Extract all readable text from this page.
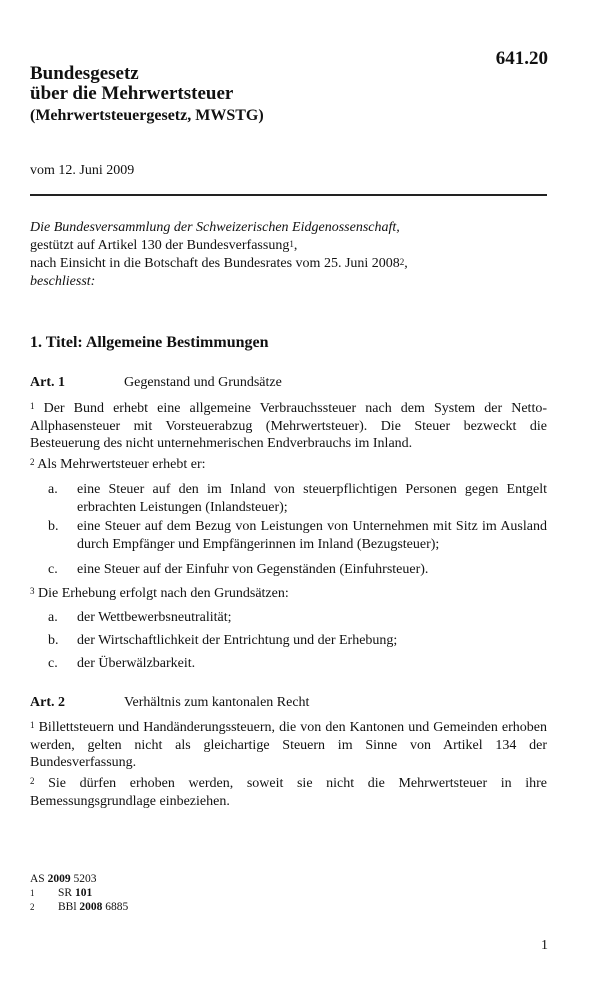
641.20
Bundesgesetz
über die Mehrwertsteuer
(Mehrwertsteuergesetz, MWSTG)
vom 12. Juni 2009
Die Bundesversammlung der Schweizerischen Eidgenossenschaft,
gestützt auf Artikel 130 der Bundesverfassung$^1$,
nach Einsicht in die Botschaft des Bundesrates vom 25. Juni 2008$^2$,
beschliesst:
1. Titel: Allgemeine Bestimmungen
Art. 1	Gegenstand und Grundsätze
$^1$ Der Bund erhebt eine allgemeine Verbrauchssteuer nach dem System der Netto-Allphasensteuer mit Vorsteuerabzug (Mehrwertsteuer). Die Steuer bezweckt die Besteuerung des nicht unternehmerischen Endverbrauchs im Inland.
$^2$ Als Mehrwertsteuer erhebt er:
a. eine Steuer auf den im Inland von steuerpflichtigen Personen gegen Entgelt erbrachten Leistungen (Inlandsteuer);
b. eine Steuer auf dem Bezug von Leistungen von Unternehmen mit Sitz im Ausland durch Empfänger und Empfängerinnen im Inland (Bezugsteuer);
c. eine Steuer auf der Einfuhr von Gegenständen (Einfuhrsteuer).
$^3$ Die Erhebung erfolgt nach den Grundsätzen:
a. der Wettbewerbsneutralität;
b. der Wirtschaftlichkeit der Entrichtung und der Erhebung;
c. der Überwälzbarkeit.
Art. 2	Verhältnis zum kantonalen Recht
$^1$ Billettsteuern und Handänderungssteuern, die von den Kantonen und Gemeinden erhoben werden, gelten nicht als gleichartige Steuern im Sinne von Artikel 134 der Bundesverfassung.
$^2$ Sie dürfen erhoben werden, soweit sie nicht die Mehrwertsteuer in ihre Bemessungsgrundlage einbeziehen.
AS 2009 5203
1 SR 101
2 BBl 2008 6885
1
